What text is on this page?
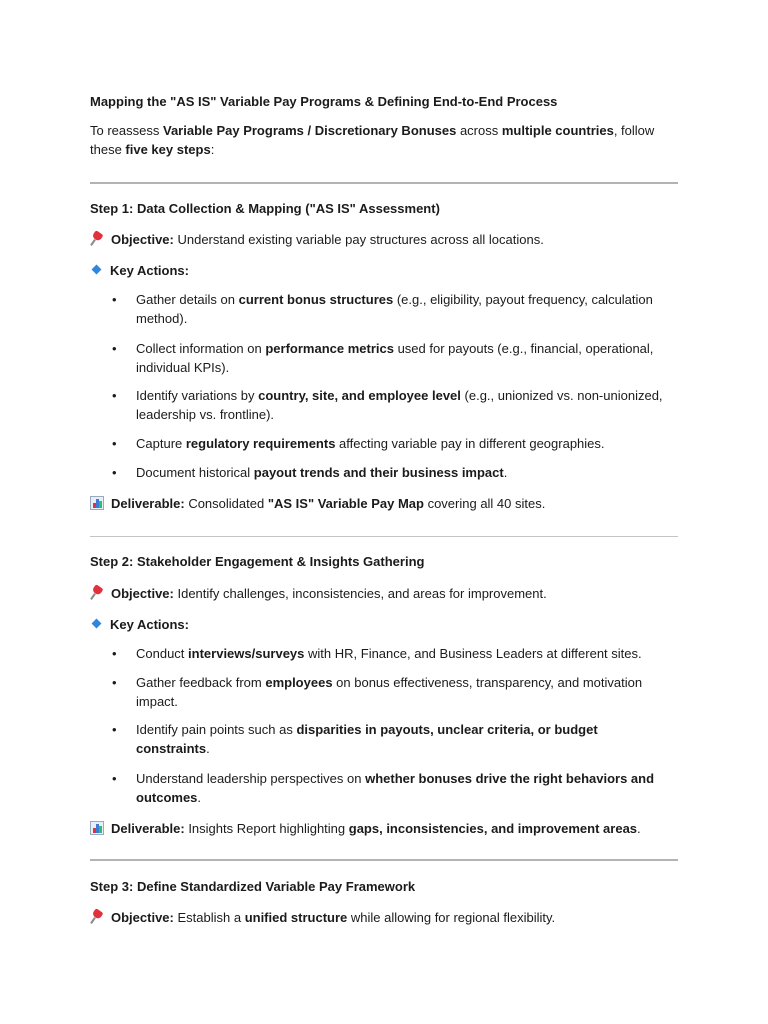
Mapping the "AS IS" Variable Pay Programs & Defining End-to-End Process
To reassess Variable Pay Programs / Discretionary Bonuses across multiple countries, follow
these five key steps:
Step 1: Data Collection & Mapping ("AS IS" Assessment)
Objective: Understand existing variable pay structures across all locations.
Key Actions:
• Gather details on current bonus structures (e.g., eligibility, payout frequency, calculation
method).
• Collect information on performance metrics used for payouts (e.g., financial, operational,
individual KPIs).
• Identify variations by country, site, and employee level (e.g., unionized vs. non-unionized,
leadership vs. frontline).
• Capture regulatory requirements affecting variable pay in different geographies.
• Document historical payout trends and their business impact.
Deliverable: Consolidated "AS IS" Variable Pay Map covering all 40 sites.
Step 2: Stakeholder Engagement & Insights Gathering
Objective: Identify challenges, inconsistencies, and areas for improvement.
Key Actions:
• Conduct interviews/surveys with HR, Finance, and Business Leaders at different sites.
• Gather feedback from employees on bonus effectiveness, transparency, and motivation
impact.
• Identify pain points such as disparities in payouts, unclear criteria, or budget
constraints.
• Understand leadership perspectives on whether bonuses drive the right behaviors and
outcomes.
Deliverable: Insights Report highlighting gaps, inconsistencies, and improvement areas.
Step 3: Define Standardized Variable Pay Framework
Objective: Establish a unified structure while allowing for regional flexibility.
